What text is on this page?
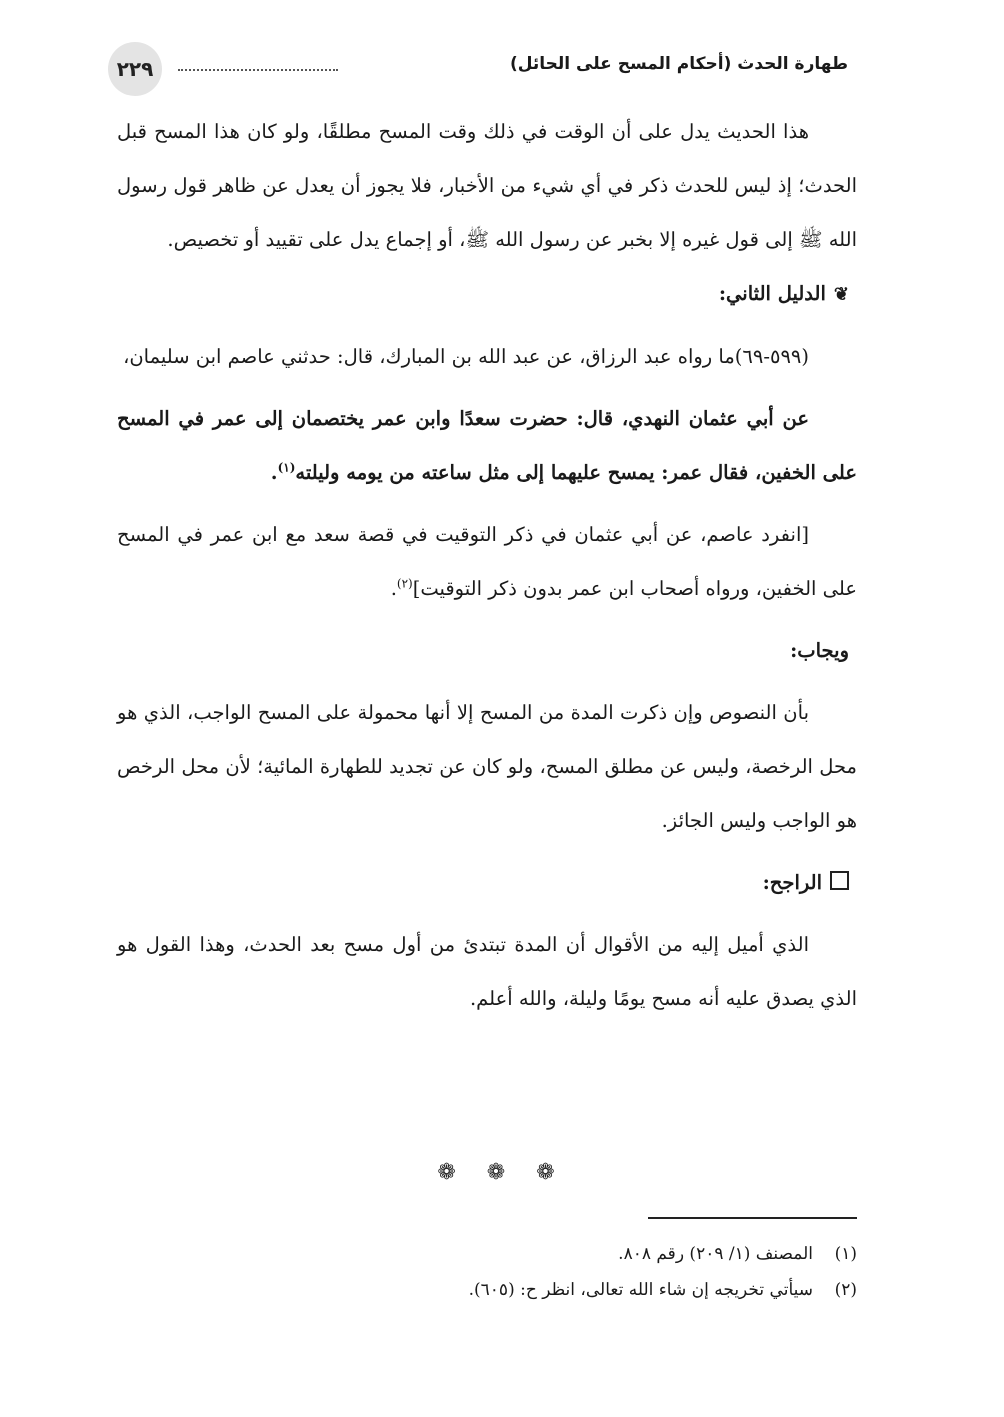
٢٢٩	طهارة الحدث (أحكام المسح على الحائل)

هذا الحديث يدل على أن الوقت في ذلك وقت المسح مطلقًا، ولو كان هذا المسح قبل الحدث؛ إذ ليس للحدث ذكر في أي شيء من الأخبار، فلا يجوز أن يعدل عن ظاهر قول رسول الله ﷺ إلى قول غيره إلا بخبر عن رسول الله ﷺ، أو إجماع يدل على تقييد أو تخصيص.

❦الدليل الثاني:

(٥٩٩-٦٩)ما رواه عبد الرزاق، عن عبد الله بن المبارك، قال: حدثني عاصم ابن سليمان،

عن أبي عثمان النهدي، قال: حضرت سعدًا وابن عمر يختصمان إلى عمر في المسح على الخفين، فقال عمر: يمسح عليهما إلى مثل ساعته من يومه وليلته$^{(١)}$.

[انفرد عاصم، عن أبي عثمان في ذكر التوقيت في قصة سعد مع ابن عمر في المسح على الخفين، ورواه أصحاب ابن عمر بدون ذكر التوقيت]$^{(٢)}$.

ويجاب:

بأن النصوص وإن ذكرت المدة من المسح إلا أنها محمولة على المسح الواجب، الذي هو محل الرخصة، وليس عن مطلق المسح، ولو كان عن تجديد للطهارة المائية؛ لأن محل الرخص هو الواجب وليس الجائز.

الراجح:

الذي أميل إليه من الأقوال أن المدة تبتدئ من أول مسح بعد الحدث، وهذا القول هو الذي يصدق عليه أنه مسح يومًا وليلة، والله أعلم.

❁ ❁ ❁

(١)المصنف (١/ ٢٠٩) رقم ٨٠٨.

(٢)سيأتي تخريجه إن شاء الله تعالى، انظر ح: (٦٠٥).
